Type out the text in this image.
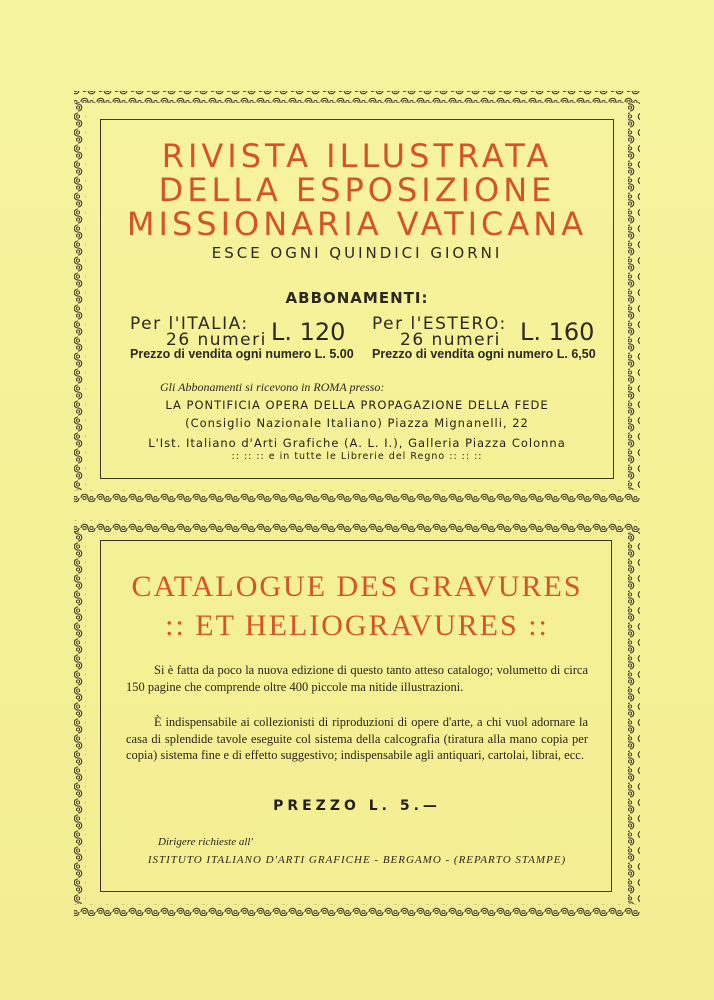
RIVISTA ILLUSTRATA
DELLA ESPOSIZIONE
MISSIONARIA VATICANA
ESCE OGNI QUINDICI GIORNI
ABBONAMENTI:
Per l'ITALIA:
26 numeri L. 120
Prezzo di vendita ogni numero L. 5.00
Per l'ESTERO:
26 numeri L. 160
Prezzo di vendita ogni numero L. 6,50
Gli Abbonamenti si ricevono in ROMA presso:
LA PONTIFICIA OPERA DELLA PROPAGAZIONE DELLA FEDE
(Consiglio Nazionale Italiano) Piazza Mignanelli, 22
L'Ist. Italiano d'Arti Grafiche (A. L. I.), Galleria Piazza Colonna
:: :: :: e in tutte le Librerie del Regno :: :: ::
CATALOGUE DES GRAVURES
:: ET HELIOGRAVURES ::
Si è fatta da poco la nuova edizione di questo tanto atteso catalogo; volumetto di circa 150 pagine che comprende oltre 400 piccole ma nitide illustrazioni.
È indispensabile ai collezionisti di riproduzioni di opere d'arte, a chi vuol adornare la casa di splendide tavole eseguite col sistema della calcografia (tiratura alla mano copia per copia) sistema fine e di effetto suggestivo; indispensabile agli antiquari, cartolai, librai, ecc.
PREZZO L. 5.—
Dirigere richieste all'
ISTITUTO ITALIANO D'ARTI GRAFICHE - BERGAMO - (REPARTO STAMPE)
